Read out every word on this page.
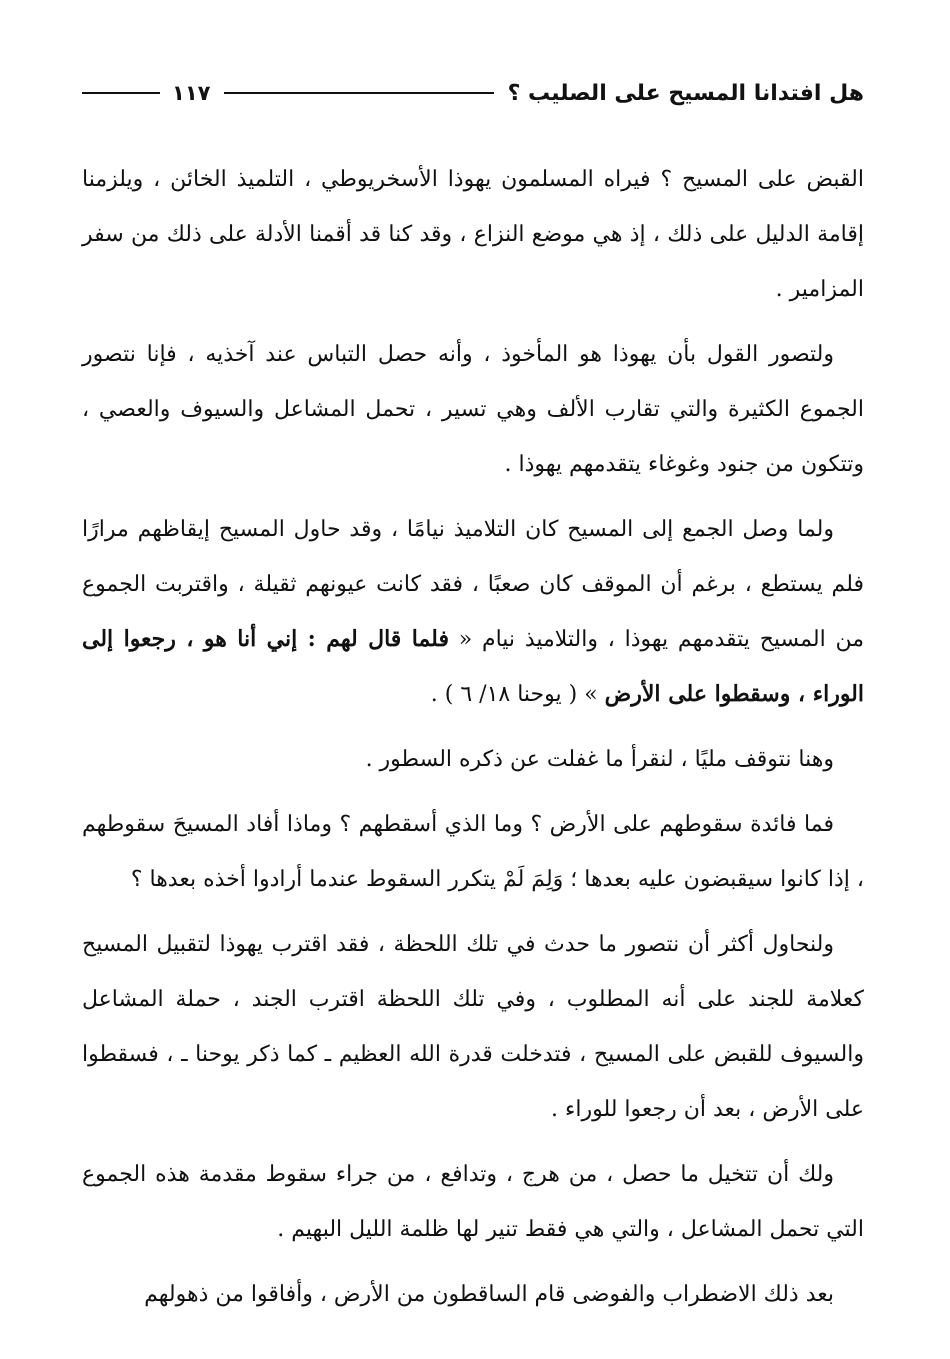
هل افتدانا المسيح على الصليب ؟
١١٧

القبض على المسيح ؟ فيراه المسلمون يهوذا الأسخريوطي ، التلميذ الخائن ، ويلزمنا إقامة الدليل على ذلك ، إذ هي موضع النزاع ، وقد كنا قد أقمنا الأدلة على ذلك من سفر المزامير .

ولتصور القول بأن يهوذا هو المأخوذ ، وأنه حصل التباس عند آخذيه ، فإنا نتصور الجموع الكثيرة والتي تقارب الألف وهي تسير ، تحمل المشاعل والسيوف والعصي ، وتتكون من جنود وغوغاء يتقدمهم يهوذا .

ولما وصل الجمع إلى المسيح كان التلاميذ نيامًا ، وقد حاول المسيح إيقاظهم مرارًا فلم يستطع ، برغم أن الموقف كان صعبًا ، فقد كانت عيونهم ثقيلة ، واقتربت الجموع من المسيح يتقدمهم يهوذا ، والتلاميذ نيام « فلما قال لهم : إني أنا هو ، رجعوا إلى الوراء ، وسقطوا على الأرض » ( يوحنا ١٨/ ٦ ) .

وهنا نتوقف مليًا ، لنقرأ ما غفلت عن ذكره السطور .

فما فائدة سقوطهم على الأرض ؟ وما الذي أسقطهم ؟ وماذا أفاد المسيحَ سقوطهم ، إذا كانوا سيقبضون عليه بعدها ؛ وَلِمَ لَمْ يتكرر السقوط عندما أرادوا أخذه بعدها ؟

ولنحاول أكثر أن نتصور ما حدث في تلك اللحظة ، فقد اقترب يهوذا لتقبيل المسيح كعلامة للجند على أنه المطلوب ، وفي تلك اللحظة اقترب الجند ، حملة المشاعل والسيوف للقبض على المسيح ، فتدخلت قدرة الله العظيم ـ كما ذكر يوحنا ـ ، فسقطوا على الأرض ، بعد أن رجعوا للوراء .

ولك أن تتخيل ما حصل ، من هرج ، وتدافع ، من جراء سقوط مقدمة هذه الجموع التي تحمل المشاعل ، والتي هي فقط تنير لها ظلمة الليل البهيم .

بعد ذلك الاضطراب والفوضى قام الساقطون من الأرض ، وأفاقوا من ذهولهم
